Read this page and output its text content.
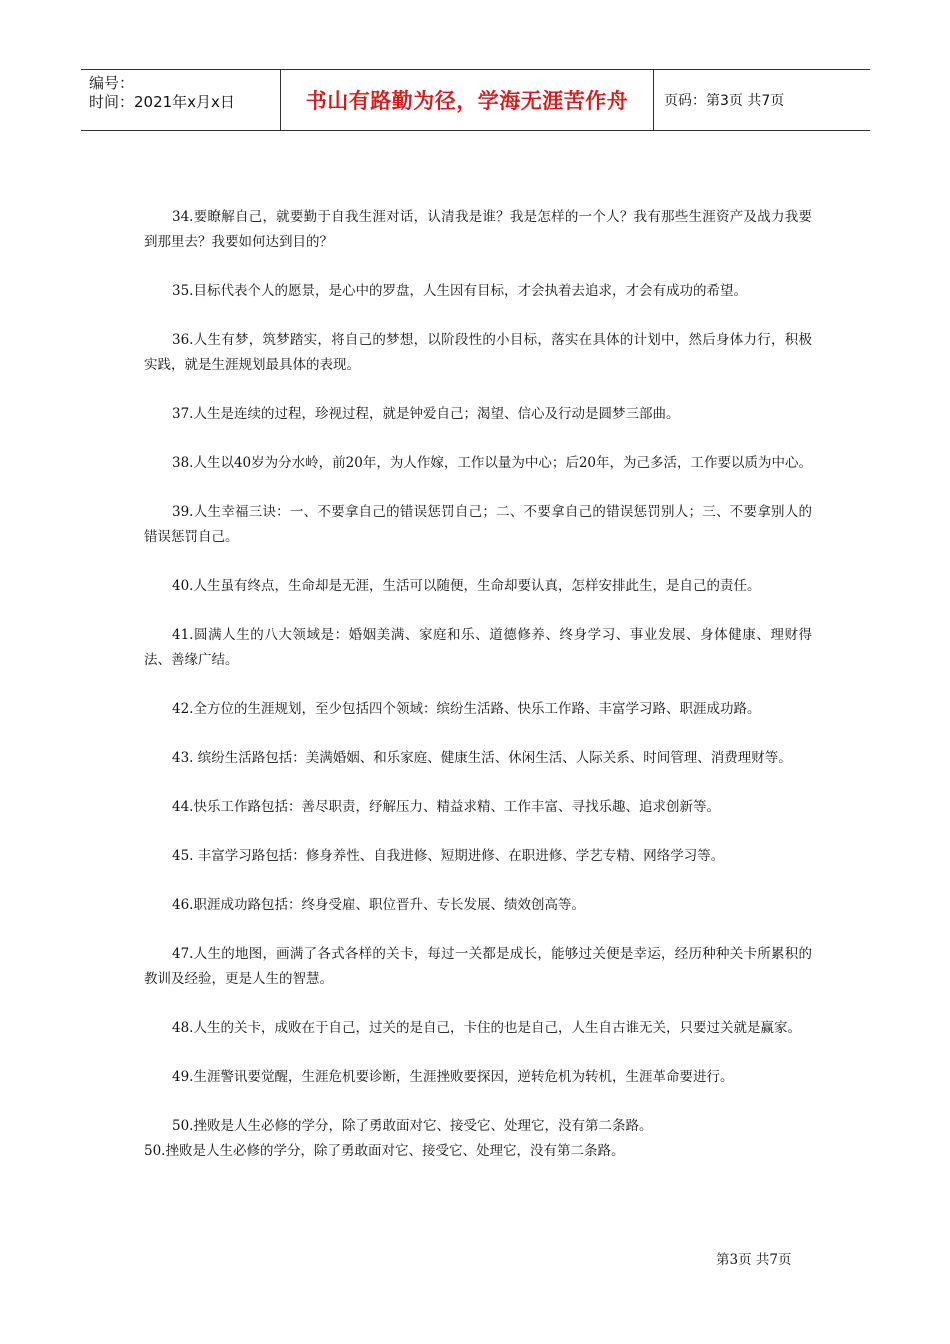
编号：
时间：2021年x月x日	书山有路勤为径，学海无涯苦作舟	页码：第3页 共7页

34.要瞭解自己，就要勤于自我生涯对话，认清我是谁？我是怎样的一个人？我有那些生涯资产及战力我要到那里去？我要如何达到目的？

35.目标代表个人的愿景，是心中的罗盘，人生因有目标，才会执着去追求，才会有成功的希望。

36.人生有梦，筑梦踏实，将自己的梦想，以阶段性的小目标，落实在具体的计划中，然后身体力行，积极实践，就是生涯规划最具体的表现。

37.人生是连续的过程，珍视过程，就是钟爱自己；渴望、信心及行动是圆梦三部曲。

38.人生以40岁为分水岭，前20年，为人作嫁，工作以量为中心；后20年，为己多活，工作要以质为中心。

39.人生幸福三诀：一、不要拿自己的错误惩罚自己；二、不要拿自己的错误惩罚别人；三、不要拿别人的错误惩罚自己。

40.人生虽有终点，生命却是无涯，生活可以随便，生命却要认真，怎样安排此生，是自己的责任。

41.圆满人生的八大领域是：婚姻美满、家庭和乐、道德修养、终身学习、事业发展、身体健康、理财得法、善缘广结。

42.全方位的生涯规划，至少包括四个领域：缤纷生活路、快乐工作路、丰富学习路、职涯成功路。

43. 缤纷生活路包括：美满婚姻、和乐家庭、健康生活、休闲生活、人际关系、时间管理、消费理财等。

44.快乐工作路包括：善尽职责，纾解压力、精益求精、工作丰富、寻找乐趣、追求创新等。

45. 丰富学习路包括：修身养性、自我进修、短期进修、在职进修、学艺专精、网络学习等。

46.职涯成功路包括：终身受雇、职位晋升、专长发展、绩效创高等。

47.人生的地图，画满了各式各样的关卡，每过一关都是成长，能够过关便是幸运，经历种种关卡所累积的教训及经验，更是人生的智慧。

48.人生的关卡，成败在于自己，过关的是自己，卡住的也是自己，人生自古谁无关，只要过关就是赢家。

49.生涯警讯要觉醒，生涯危机要诊断，生涯挫败要探因，逆转危机为转机，生涯革命要进行。

50.挫败是人生必修的学分，除了勇敢面对它、接受它、处理它，没有第二条路。

50.挫败是人生必修的学分，除了勇敢面对它、接受它、处理它，没有第二条路。

第3页 共7页
